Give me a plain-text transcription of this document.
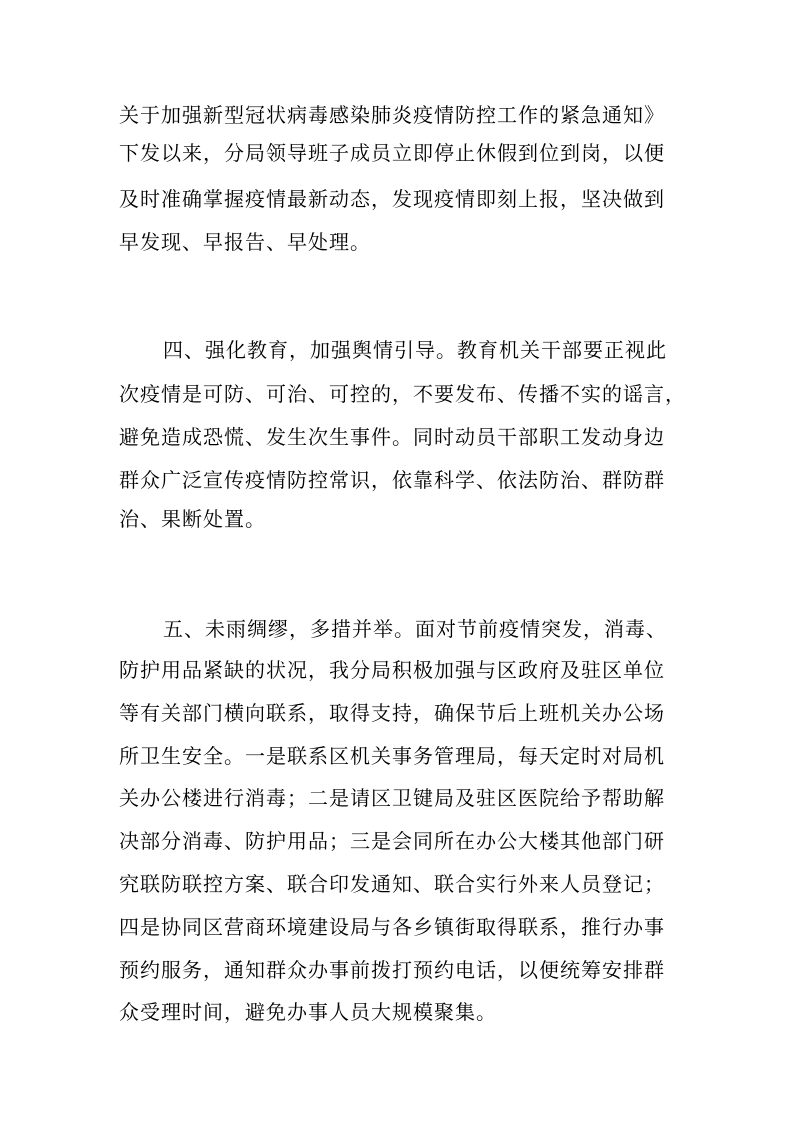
关于加强新型冠状病毒感染肺炎疫情防控工作的紧急通知》

下发以来，分局领导班子成员立即停止休假到位到岗，以便

及时准确掌握疫情最新动态，发现疫情即刻上报，坚决做到

早发现、早报告、早处理。

四、强化教育，加强舆情引导。教育机关干部要正视此

次疫情是可防、可治、可控的，不要发布、传播不实的谣言，

避免造成恐慌、发生次生事件。同时动员干部职工发动身边

群众广泛宣传疫情防控常识，依靠科学、依法防治、群防群

治、果断处置。

五、未雨绸缪，多措并举。面对节前疫情突发，消毒、

防护用品紧缺的状况，我分局积极加强与区政府及驻区单位

等有关部门横向联系，取得支持，确保节后上班机关办公场

所卫生安全。一是联系区机关事务管理局，每天定时对局机

关办公楼进行消毒；二是请区卫键局及驻区医院给予帮助解

决部分消毒、防护用品；三是会同所在办公大楼其他部门研

究联防联控方案、联合印发通知、联合实行外来人员登记；

四是协同区营商环境建设局与各乡镇街取得联系，推行办事

预约服务，通知群众办事前拨打预约电话，以便统筹安排群

众受理时间，避免办事人员大规模聚集。
